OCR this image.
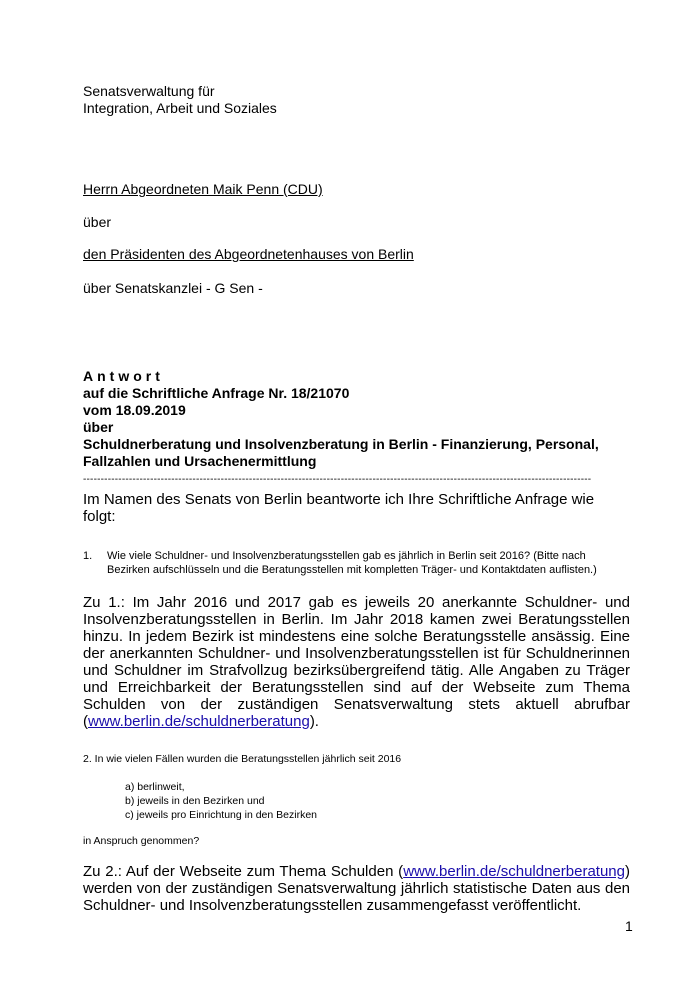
Senatsverwaltung für
Integration, Arbeit und Soziales
Herrn Abgeordneten Maik Penn (CDU)
über
den Präsidenten des Abgeordnetenhauses von Berlin
über Senatskanzlei - G Sen -
Antwort
auf die Schriftliche Anfrage Nr. 18/21070
vom 18.09.2019
über
Schuldnerberatung und Insolvenzberatung in Berlin - Finanzierung, Personal,
Fallzahlen und Ursachenermittlung
------------------------------------------------------------------------------------------------------------------------------------------------
Im Namen des Senats von Berlin beantworte ich Ihre Schriftliche Anfrage wie folgt:
1.	Wie viele Schuldner- und Insolvenzberatungsstellen gab es jährlich in Berlin seit 2016? (Bitte nach Bezirken aufschlüsseln und die Beratungsstellen mit kompletten Träger- und Kontaktdaten auflisten.)
Zu 1.: Im Jahr 2016 und 2017 gab es jeweils 20 anerkannte Schuldner- und Insolvenzberatungsstellen in Berlin. Im Jahr 2018 kamen zwei Beratungsstellen hinzu. In jedem Bezirk ist mindestens eine solche Beratungsstelle ansässig. Eine der anerkannten Schuldner- und Insolvenzberatungsstellen ist für Schuldnerinnen und Schuldner im Strafvollzug bezirksübergreifend tätig. Alle Angaben zu Träger und Erreichbarkeit der Beratungsstellen sind auf der Webseite zum Thema Schulden von der zuständigen Senatsverwaltung stets aktuell abrufbar (www.berlin.de/schuldnerberatung).
2. In wie vielen Fällen wurden die Beratungsstellen jährlich seit 2016
a) berlinweit,
b) jeweils in den Bezirken und
c) jeweils pro Einrichtung in den Bezirken
in Anspruch genommen?
Zu 2.: Auf der Webseite zum Thema Schulden (www.berlin.de/schuldnerberatung) werden von der zuständigen Senatsverwaltung jährlich statistische Daten aus den Schuldner- und Insolvenzberatungsstellen zusammengefasst veröffentlicht.
1
